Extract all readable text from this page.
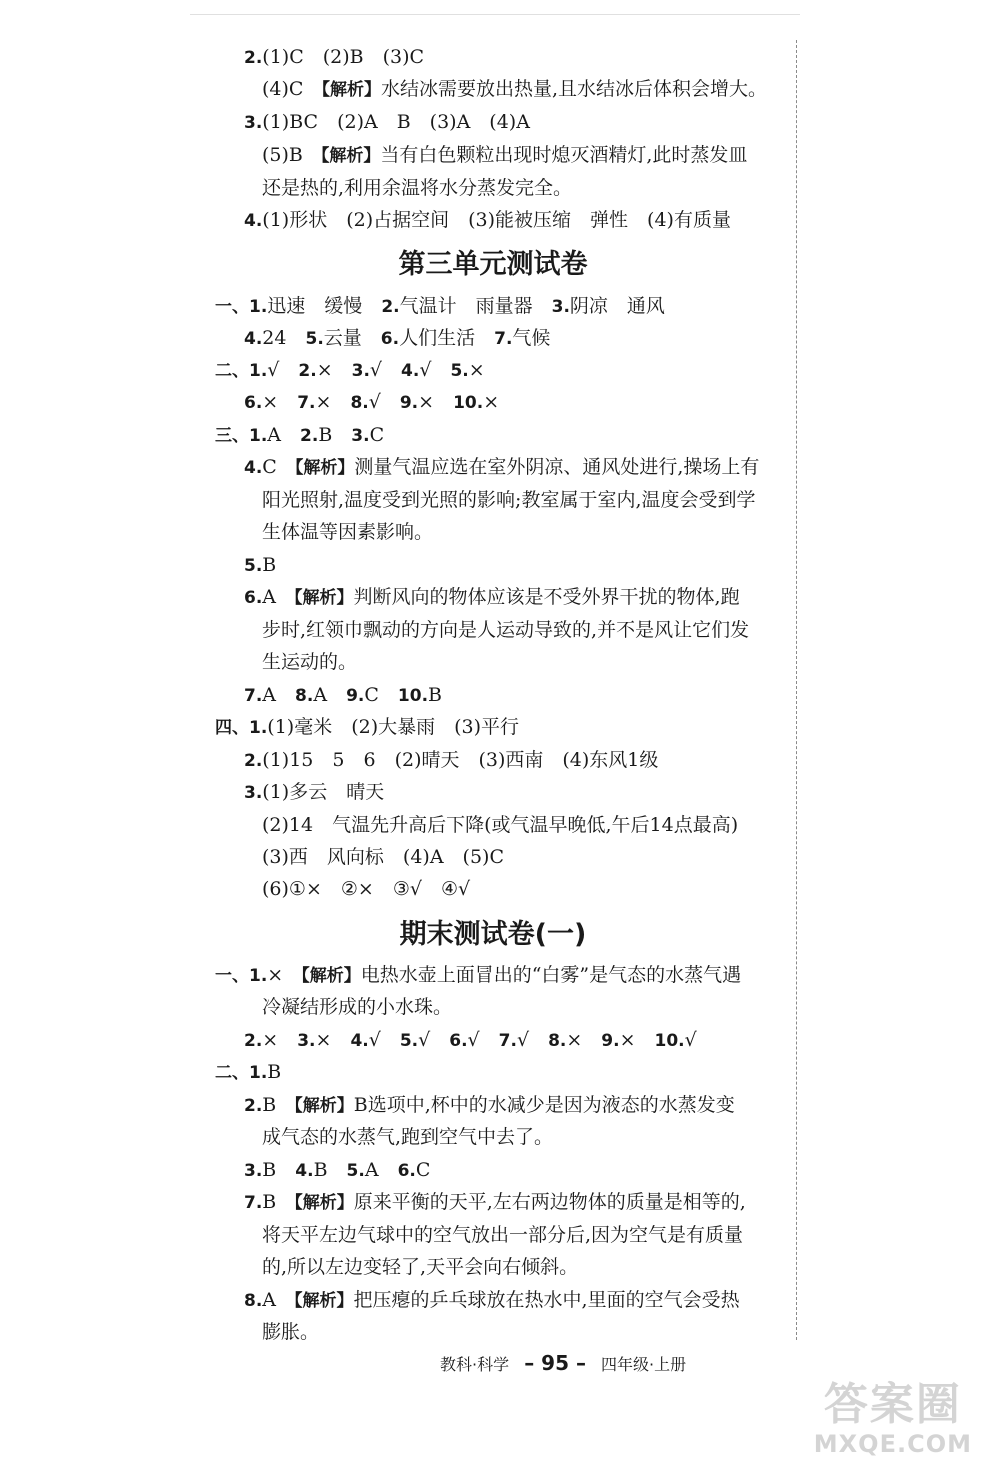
第三单元测试卷
期末测试卷(一)
2.(1)C　(2)B　(3)C
(4)C  【解析】水结冰需要放出热量,且水结冰后体积会增大。
3.(1)BC　(2)A　B　(3)A　(4)A
(5)B  【解析】当有白色颗粒出现时熄灭酒精灯,此时蒸发皿
还是热的,利用余温将水分蒸发完全。
4.(1)形状　(2)占据空间　(3)能被压缩　弹性　(4)有质量
一、1.迅速　缓慢　2.气温计　雨量器　3.阴凉　通风
4.24　5.云量　6.人们生活　7.气候
二、1.√　2.×　3.√　4.√　5.×
6.×　7.×　8.√　9.×　10.×
三、1.A　2.B　3.C
4.C  【解析】测量气温应选在室外阴凉、通风处进行,操场上有
阳光照射,温度受到光照的影响;教室属于室内,温度会受到学
生体温等因素影响。
5.B
6.A  【解析】判断风向的物体应该是不受外界干扰的物体,跑
步时,红领巾飘动的方向是人运动导致的,并不是风让它们发
生运动的。
7.A　8.A　9.C　10.B
四、1.(1)毫米　(2)大暴雨　(3)平行
2.(1)15　5　6　(2)晴天　(3)西南　(4)东风1级
3.(1)多云　晴天
(2)14　气温先升高后下降(或气温早晚低,午后14点最高)
(3)西　风向标　(4)A　(5)C
(6)①×　②×　③√　④√
一、1.×  【解析】电热水壶上面冒出的“白雾”是气态的水蒸气遇
冷凝结形成的小水珠。
2.×　3.×　4.√　5.√　6.√　7.√　8.×　9.×　10.√
二、1.B
2.B  【解析】B选项中,杯中的水减少是因为液态的水蒸发变
成气态的水蒸气,跑到空气中去了。
3.B　4.B　5.A　6.C
7.B  【解析】原来平衡的天平,左右两边物体的质量是相等的,
将天平左边气球中的空气放出一部分后,因为空气是有质量
的,所以左边变轻了,天平会向右倾斜。
8.A  【解析】把压瘪的乒乓球放在热水中,里面的空气会受热
膨胀。
教科·科学 – 95 – 四年级·上册
答案圈
MXQE.COM
